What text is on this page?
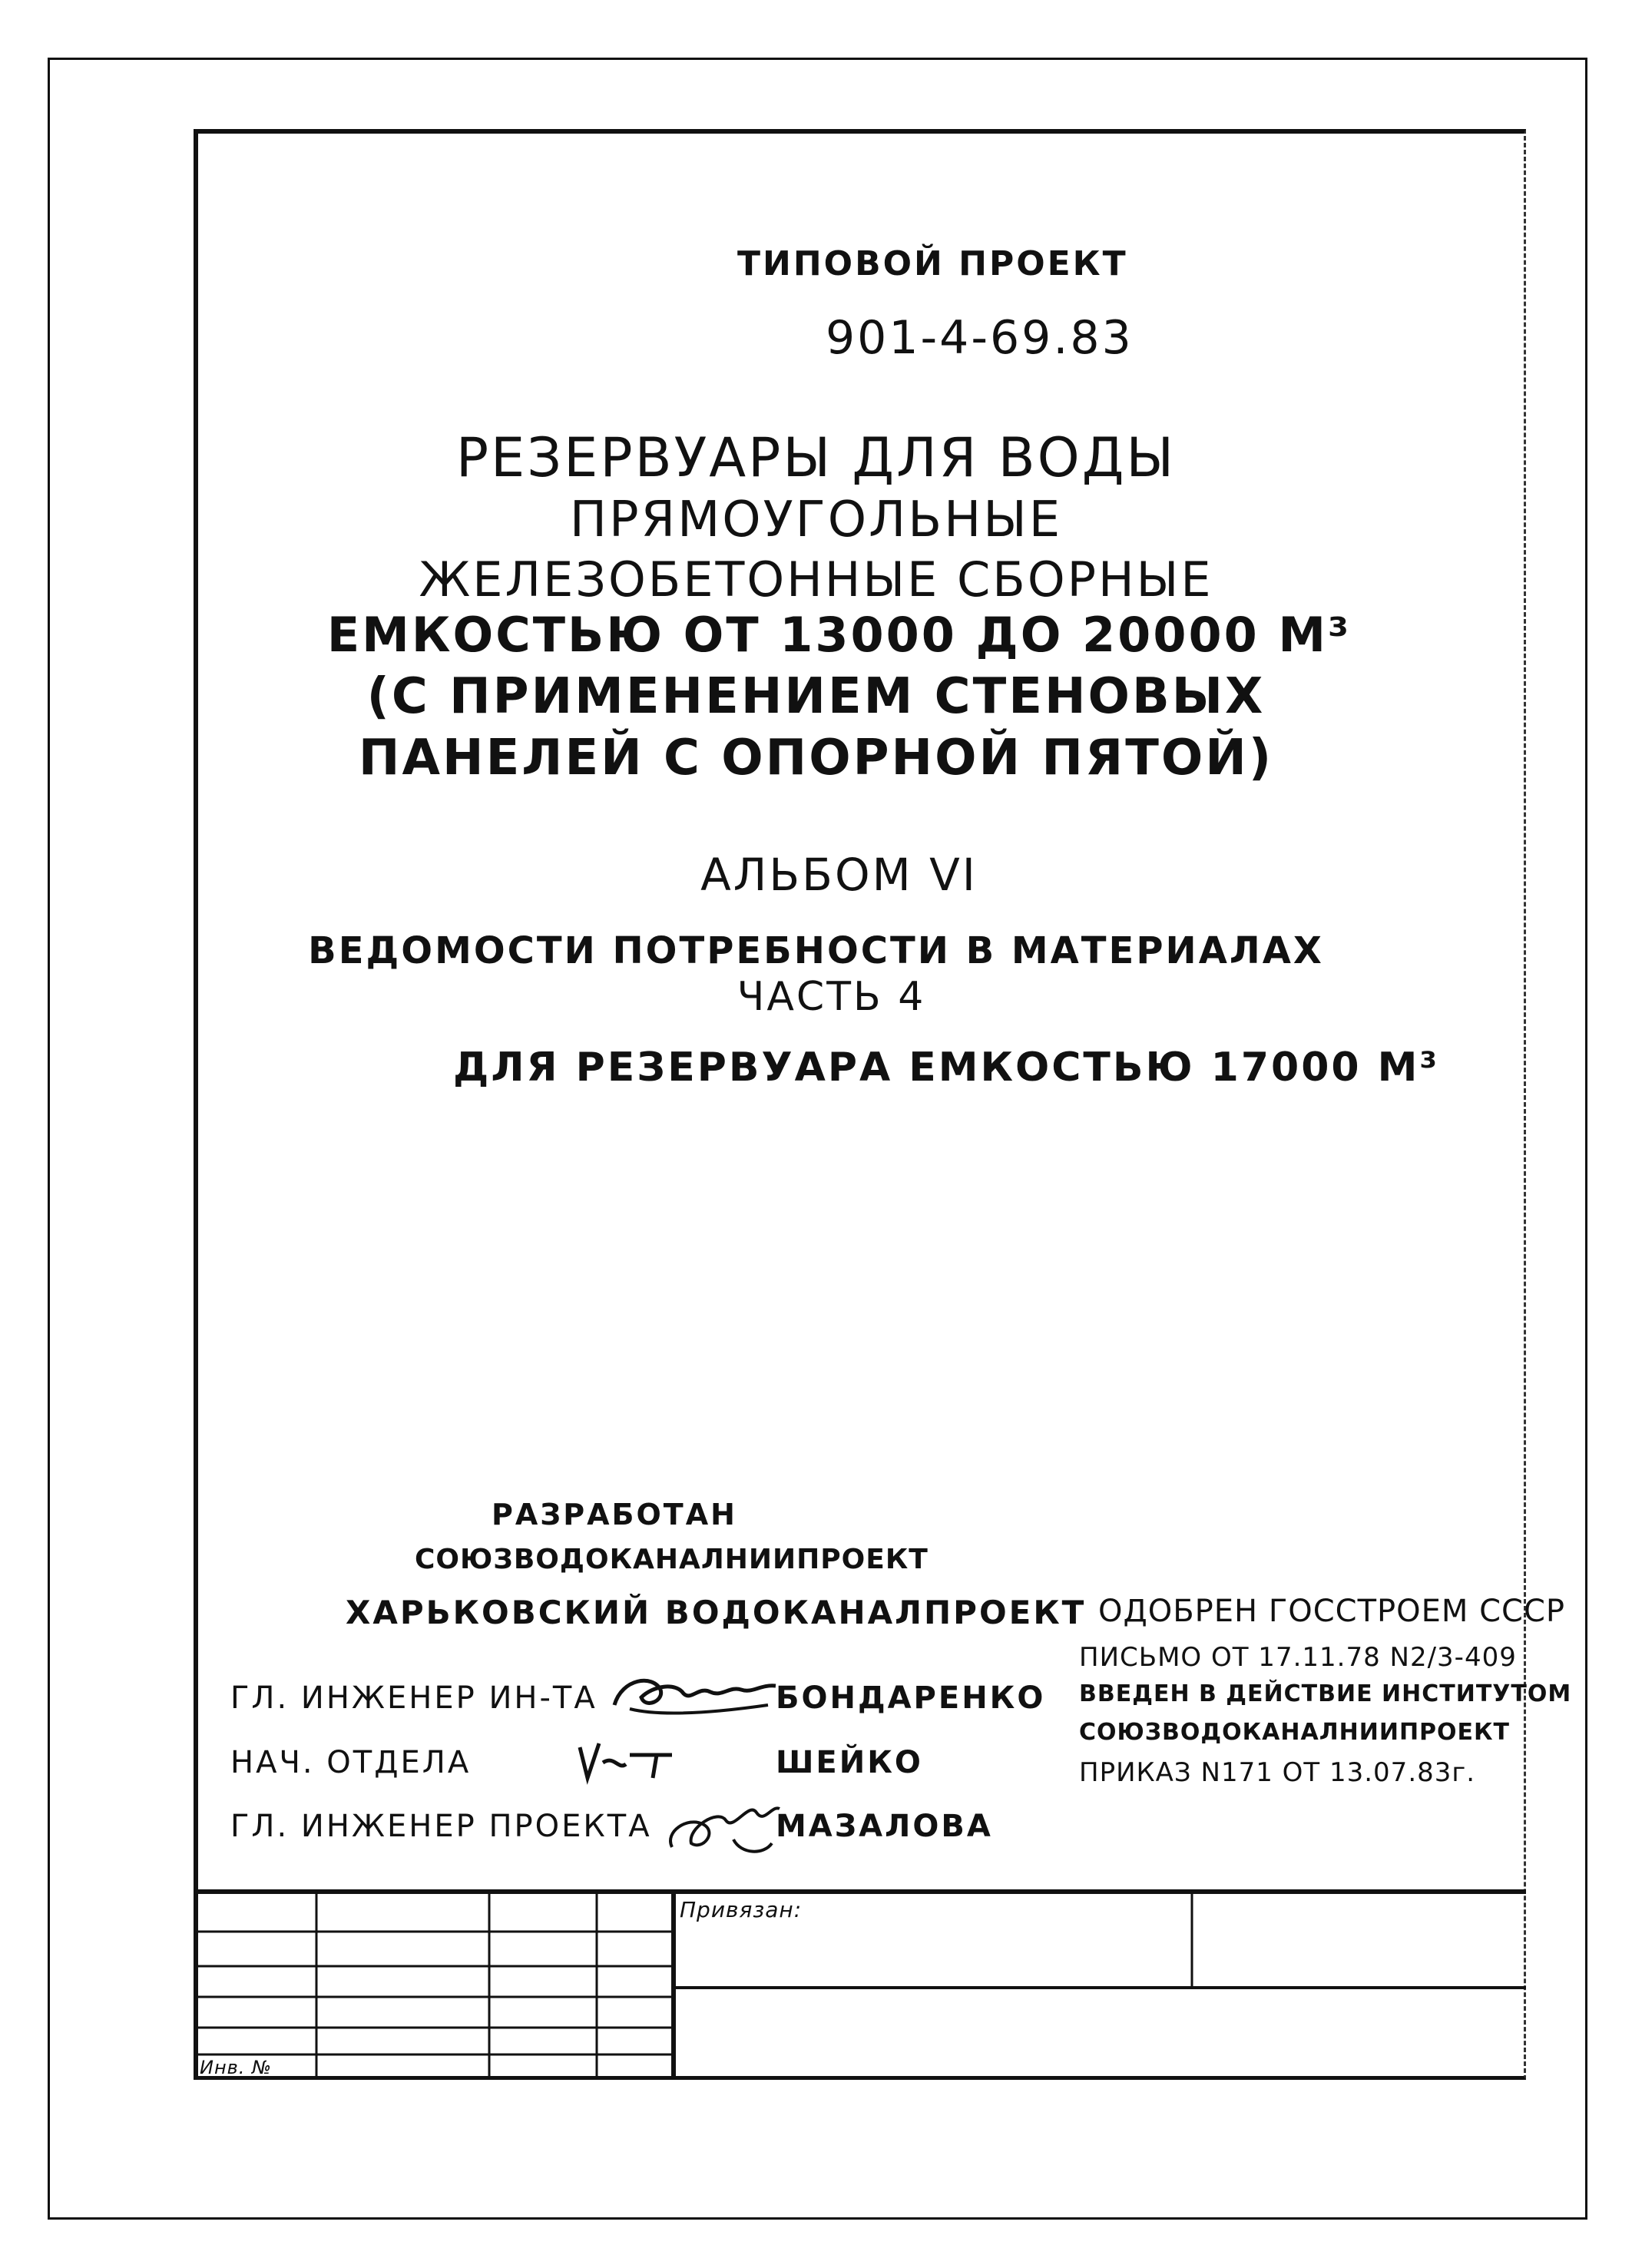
ТИПОВОЙ ПРОЕКТ
901-4-69.83
РЕЗЕРВУАРЫ ДЛЯ ВОДЫ
ПРЯМОУГОЛЬНЫЕ
ЖЕЛЕЗОБЕТОННЫЕ СБОРНЫЕ
ЕМКОСТЬЮ ОТ 13000 ДО 20000 М³
(С ПРИМЕНЕНИЕМ СТЕНОВЫХ
ПАНЕЛЕЙ С ОПОРНОЙ ПЯТОЙ)
АЛЬБОМ VI
ВЕДОМОСТИ ПОТРЕБНОСТИ В МАТЕРИАЛАХ
ЧАСТЬ 4
ДЛЯ РЕЗЕРВУАРА ЕМКОСТЬЮ 17000 М³
РАЗРАБОТАН
СОЮЗВОДОКАНАЛНИИПРОЕКТ
ХАРЬКОВСКИЙ ВОДОКАНАЛПРОЕКТ
ГЛ. ИНЖЕНЕР ИН-ТА	БОНДАРЕНКО
НАЧ. ОТДЕЛА	ШЕЙКО
ГЛ. ИНЖЕНЕР ПРОЕКТА	МАЗАЛОВА
ОДОБРЕН ГОССТРОЕМ СССР
ПИСЬМО ОТ 17.11.78 N2/3-409
ВВЕДЕН В ДЕЙСТВИЕ ИНСТИТУТОМ
СОЮЗВОДОКАНАЛНИИПРОЕКТ
ПРИКАЗ N171 ОТ 13.07.83г.
Привязан:
Инв. №
